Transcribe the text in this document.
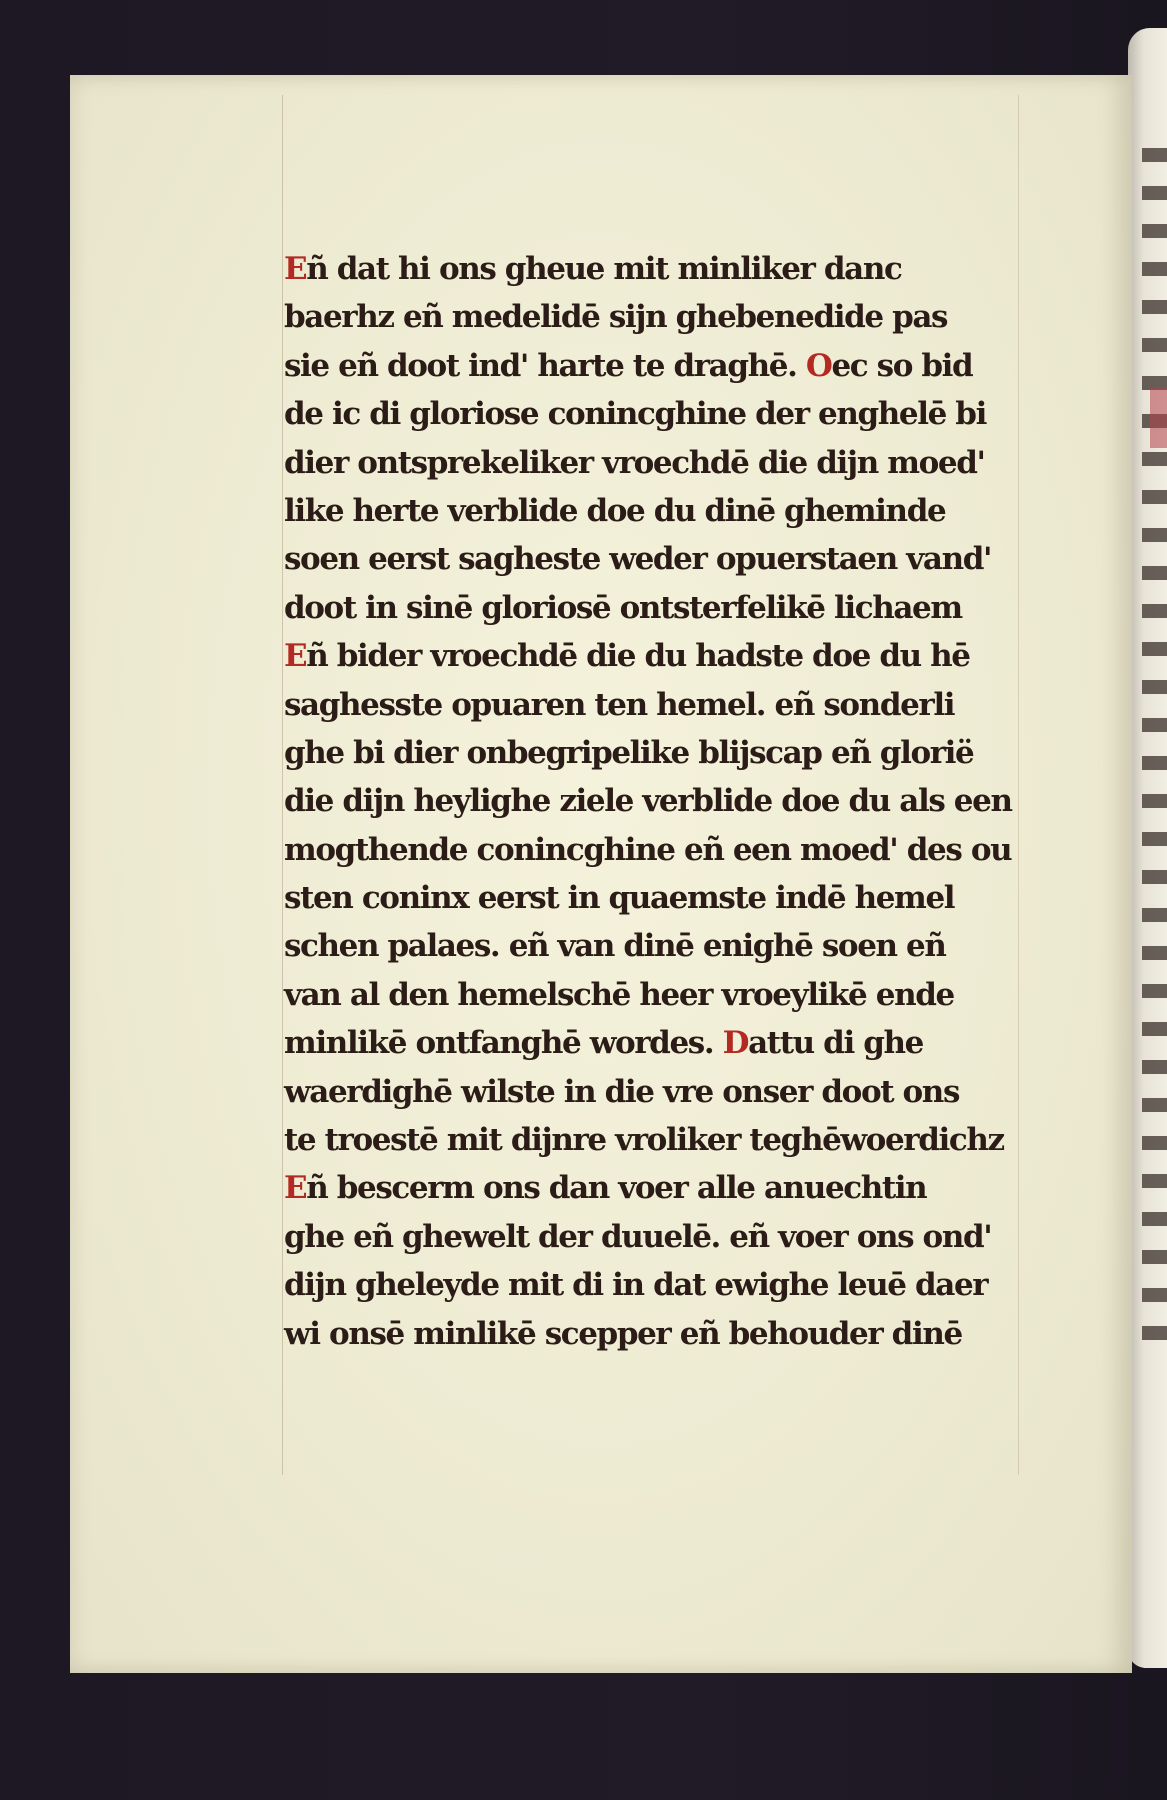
Eñ dat hi ons gheue mit minliker danc
baerhz eñ medelidē sijn ghebenedide pas
sie eñ doot ind' harte te draghē. Oec so bid
de ic di gloriose conincghine der enghelē bi
dier ontsprekeliker vroechdē die dijn moed'
like herte verblide doe du dinē gheminde
soen eerst sagheste weder opuerstaen vand'
doot in sinē gloriosē ontsterfelikē lichaem
Eñ bider vroechdē die du hadste doe du hē
saghesste opuaren ten hemel. eñ sonderli
ghe bi dier onbegripelike blijscap eñ glorië
die dijn heylighe ziele verblide doe du als een
mogthende conincghine eñ een moed' des ou
sten coninx eerst in quaemste indē hemel
schen palaes. eñ van dinē enighē soen eñ
van al den hemelschē heer vroeylikē ende
minlikē ontfanghē wordes. Dattu di ghe
waerdighē wilste in die vre onser doot ons
te troestē mit dijnre vroliker teghēwoerdichz
Eñ bescerm ons dan voer alle anuechtin
ghe eñ ghewelt der duuelē. eñ voer ons ond'
dijn gheleyde mit di in dat ewighe leuē daer
wi onsē minlikē scepper eñ behouder dinē
